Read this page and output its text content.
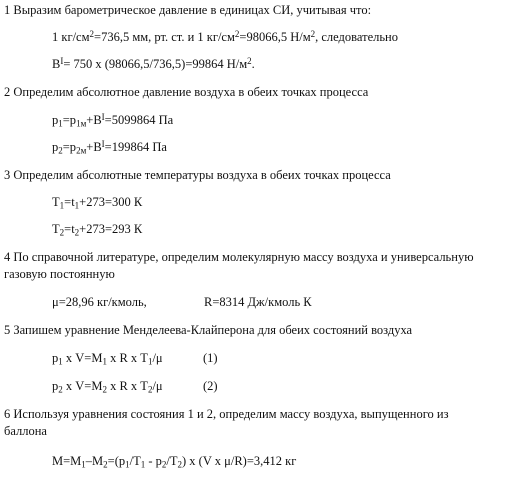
1 Выразим барометрическое давление в единицах СИ, учитывая что:
1 $кг/см^2=736,5$ мм, рт. ст. и 1 $кг/см^2=98066,5$ $Н/м^2$, следовательно
$В^I= 750$ х (98066,5/736,5)=99864 $Н/м^2$.
2 Определим абсолютное давление воздуха в обеих точках процесса
$р_1=р_{1м}+В^I=5099864$ Па
$р_2=р_{2м}+В^I=199864$ Па
3 Определим абсолютные температуры воздуха в обеих точках процесса
$Т_1=t_1+273=300$ К
$Т_2=t_2+273=293$ К
4 По справочной литературе, определим молекулярную массу воздуха и универсальную
газовую постоянную
μ=28,96 кг/кмоль,	R=8314 Дж/кмоль К
5 Запишем уравнение Менделеева-Клайперона для обеих состояний воздуха
$р_1$ х $V=M_1$ х R х $Т_1/\mu$	(1)
$р_2$ х $V=M_2$ х R х $Т_2/\mu$	(2)
6 Используя уравнения состояния 1 и 2, определим массу воздуха, выпущенного из
баллона
$М=М_1-М_2=(р_1/Т_1 - р_2/Т_2)$ х (V х μ/R)=3,412 кг
